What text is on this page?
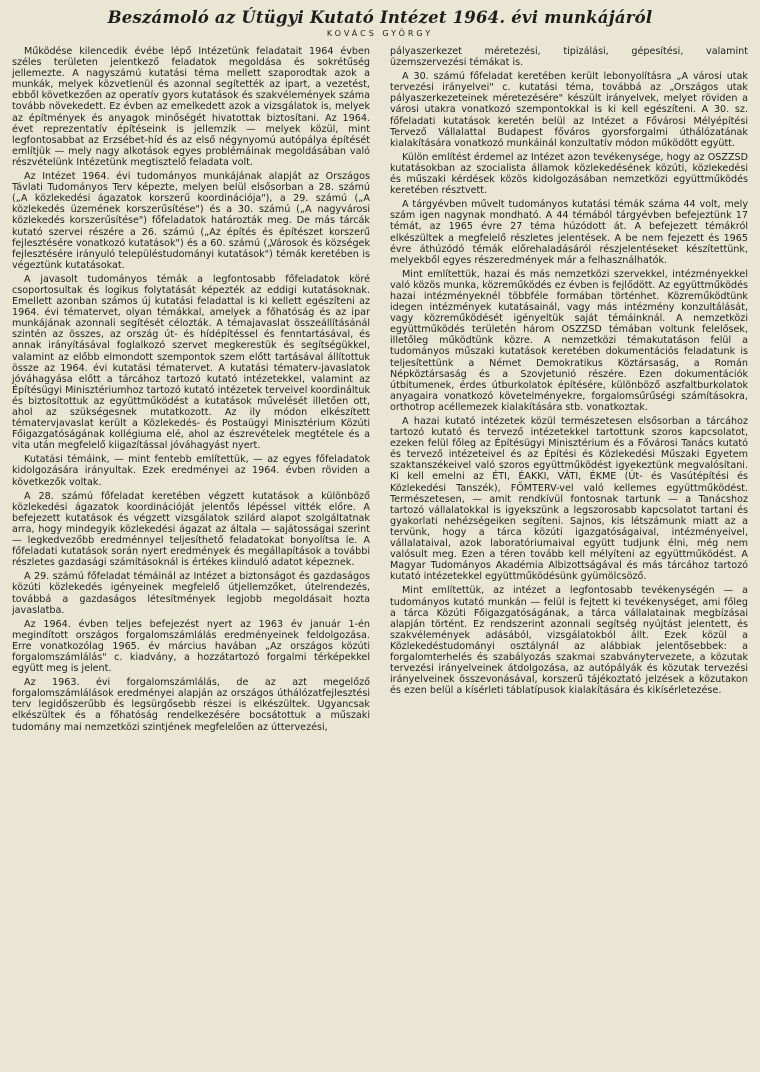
Beszámoló az Útügyi Kutató Intézet 1964. évi munkájáról
KOVÁCS GYÖRGY

Működése kilencedik évébe lépő Intézetünk feladatait 1964 évben széles területen jelentkező feladatok megoldása és sokrétűség jellemezte. A nagyszámú kutatási téma mellett szaporodtak azok a munkák, melyek közvetlenül és azonnal segítették az ipart, a vezetést, ebből következően az operatív gyors kutatások és szakvélemények száma tovább növekedett. Ez évben az emelkedett azok a vizsgálatok is, melyek az építmények és anyagok minőségét hivatottak biztosítani. Az 1964. évet reprezentatív építéseink is jellemzik — melyek közül, mint legfontosabbat az Erzsébet-híd és az első négynyomú autópálya építését említjük — mely nagy alkotások egyes problémáinak megoldásában való részvételünk Intézetünk megtisztelő feladata volt.

Az Intézet 1964. évi tudományos munkájának alapját az Országos Távlati Tudományos Terv képezte, melyen belül elsősorban a 28. számú („A közlekedési ágazatok korszerű koordinációja"), a 29. számú („A közlekedés üzemének korszerűsítése") és a 30. számú („A nagyvárosi közlekedés korszerűsítése") főfeladatok határozták meg. De más tárcák kutató szervei részére a 26. számú („Az építés és építészet korszerű fejlesztésére vonatkozó kutatások") és a 60. számú („Városok és községek fejlesztésére irányuló településtudományi kutatások") témák keretében is végeztünk kutatásokat.

A javasolt tudományos témák a legfontosabb főfeladatok köré csoportosultak és logikus folytatását képezték az eddigi kutatásoknak. Emellett azonban számos új kutatási feladattal is ki kellett egészíteni az 1964. évi tématervet, olyan témákkal, amelyek a főhatóság és az ipar munkájának azonnali segítését célozták. A témajavaslat összeállításánál szintén az összes, az ország út- és hídépítéssel és fenntartásával, és annak irányításával foglalkozó szervet megkerestük és segítségükkel, valamint az előbb elmondott szempontok szem előtt tartásával állítottuk össze az 1964. évi kutatási tématervet. A kutatási tématerv-javaslatok jóváhagyása előtt a tárcához tartozó kutató intézetekkel, valamint az Építésügyi Minisztériumhoz tartozó kutató intézetek terveivel koordináltuk és biztosítottuk az együttműködést a kutatások művelését illetően ott, ahol az szükségesnek mutatkozott. Az ily módon elkészített tématervjavaslat került a Közlekedés- és Postaügyi Minisztérium Közúti Főigazgatóságának kollégiuma elé, ahol az észrevételek megtétele és a vita után megfelelő kiigazítással jóváhagyást nyert.

Kutatási témáink, — mint fentebb említettük, — az egyes főfeladatok kidolgozására irányultak. Ezek eredményei az 1964. évben röviden a következők voltak.

A 28. számú főfeladat keretében végzett kutatások a különböző közlekedési ágazatok koordinációját jelentős lépéssel vitték előre. A befejezett kutatások és végzett vizsgálatok szilárd alapot szolgáltatnak arra, hogy mindegyik közlekedési ágazat az általa — sajátosságai szerint — legkedvezőbb eredménnyel teljesíthető feladatokat bonyolítsa le. A főfeladati kutatások során nyert eredmények és megállapítások a további részletes gazdasági számításoknál is értékes kiinduló adatot képeznek.

A 29. számú főfeladat témáinál az Intézet a biztonságot és gazdaságos közúti közlekedés igényeinek megfelelő útjellemzőket, útelrendezés, továbbá a gazdaságos létesítmények legjobb megoldásait hozta javaslatba.

Az 1964. évben teljes befejezést nyert az 1963 év január 1-én megindított országos forgalomszámlálás eredményeinek feldolgozása. Erre vonatkozólag 1965. év március havában „Az országos közúti forgalomszámlálás" c. kiadvány, a hozzátartozó forgalmi térképekkel együtt meg is jelent.

Az 1963. évi forgalomszámlálás, de az azt megelőző forgalomszámlálások eredményei alapján az országos úthálózatfejlesztési terv legidőszerűbb és legsürgősebb részei is elkészültek. Ugyancsak elkészültek és a főhatóság rendelkezésére bocsátottuk a műszaki tudomány mai nemzetközi szintjének megfelelően az úttervezési,

pályaszerkezet méretezési, tipizálási, gépesítési, valamint üzemszervezési témákat is.

A 30. számú főfeladat keretében került lebonyolításra „A városi utak tervezési irányelvei" c. kutatási téma, továbbá az „Országos utak pályaszerkezeteinek méretezésére" készült irányelvek, melyet röviden a városi utakra vonatkozó szempontokkal is ki kell egészíteni. A 30. sz. főfeladati kutatások keretén belül az Intézet a Fővárosi Mélyépítési Tervező Vállalattal Budapest főváros gyorsforgalmi úthálózatának kialakítására vonatkozó munkáinál konzultatív módon működött együtt.

Külön említést érdemel az Intézet azon tevékenysége, hogy az OSZZSD kutatásokban az szocialista államok közlekedésének közúti, közlekedési és műszaki kérdések közös kidolgozásában nemzetközi együttműködés keretében résztvett.

A tárgyévben művelt tudományos kutatási témák száma 44 volt, mely szám igen nagynak mondható. A 44 témából tárgyévben befejeztünk 17 témát, az 1965 évre 27 téma húzódott át. A befejezett témákról elkészültek a megfelelő részletes jelentések. A be nem fejezett és 1965 évre áthúzódó témák előrehaladásáról részjelentéseket készítettünk, melyekből egyes részeredmények már a felhasználhatók.

Mint említettük, hazai és más nemzetközi szervekkel, intézményekkel való közös munka, közreműködés ez évben is fejlődött. Az együttműködés hazai intézményeknél többféle formában történhet. Közreműködtünk idegen intézmények kutatásainál, vagy más intézmény konzultálását, vagy közreműködését igényeltük saját témáinknál. A nemzetközi együttműködés területén három OSZZSD témában voltunk felelősek, illetőleg működtünk közre. A nemzetközi témakutatáson felül a tudományos műszaki kutatások keretében dokumentációs feladatunk is teljesítettünk a Német Demokratikus Köztársaság, a Román Népköztársaság és a Szovjetunió részére. Ezen dokumentációk útbitumenek, érdes útburkolatok építésére, különböző aszfaltburkolatok anyagaira vonatkozó követelményekre, forgalomsűrűségi számításokra, orthotrop acéllemezek kialakítására stb. vonatkoztak.

A hazai kutató intézetek közül természetesen elsősorban a tárcához tartozó kutató és tervező intézetekkel tartottunk szoros kapcsolatot, ezeken felül főleg az Építésügyi Minisztérium és a Fővárosi Tanács kutató és tervező intézeteivel és az Építési és Közlekedési Műszaki Egyetem szaktanszékeivel való szoros együttműködést igyekeztünk megvalósítani. Ki kell emelni az ÉTI, ÉAKKI, VÁTI, ÉKME (Út- és Vasútépítési és Közlekedési Tanszék), FŐMTERV-vel való kellemes együttműködést. Természetesen, — amit rendkívül fontosnak tartunk — a Tanácshoz tartozó vállalatokkal is igyekszünk a legszorosabb kapcsolatot tartani és gyakorlati nehézségeiken segíteni. Sajnos, kis létszámunk miatt az a tervünk, hogy a tárca közúti igazgatóságaival, intézményeivel, vállalataival, azok laboratóriumaival együtt tudjunk élni, még nem valósult meg. Ezen a téren tovább kell mélyíteni az együttműködést. A Magyar Tudományos Akadémia Albizottságával és más tárcához tartozó kutató intézetekkel együttműködésünk gyümölcsöző.

Mint említettük, az intézet a legfontosabb tevékenységén — a tudományos kutató munkán — felül is fejtett ki tevékenységet, ami főleg a tárca Közúti Főigazgatóságának, a tárca vállalatainak megbízásai alapján történt. Ez rendszerint azonnali segítség nyújtást jelentett, és szakvélemények adásából, vizsgálatokból állt. Ezek közül a Közlekedéstudományi osztálynál az alábbiak jelentősebbek: a forgalomterhelés és szabályozás szakmai szabványtervezete, a közutak tervezési irányelveinek átdolgozása, az autópályák és közutak tervezési irányelveinek összevonásával, korszerű tájékoztató jelzések a közutakon és ezen belül a kísérleti táblatípusok kialakítására és kikísérletezése.
